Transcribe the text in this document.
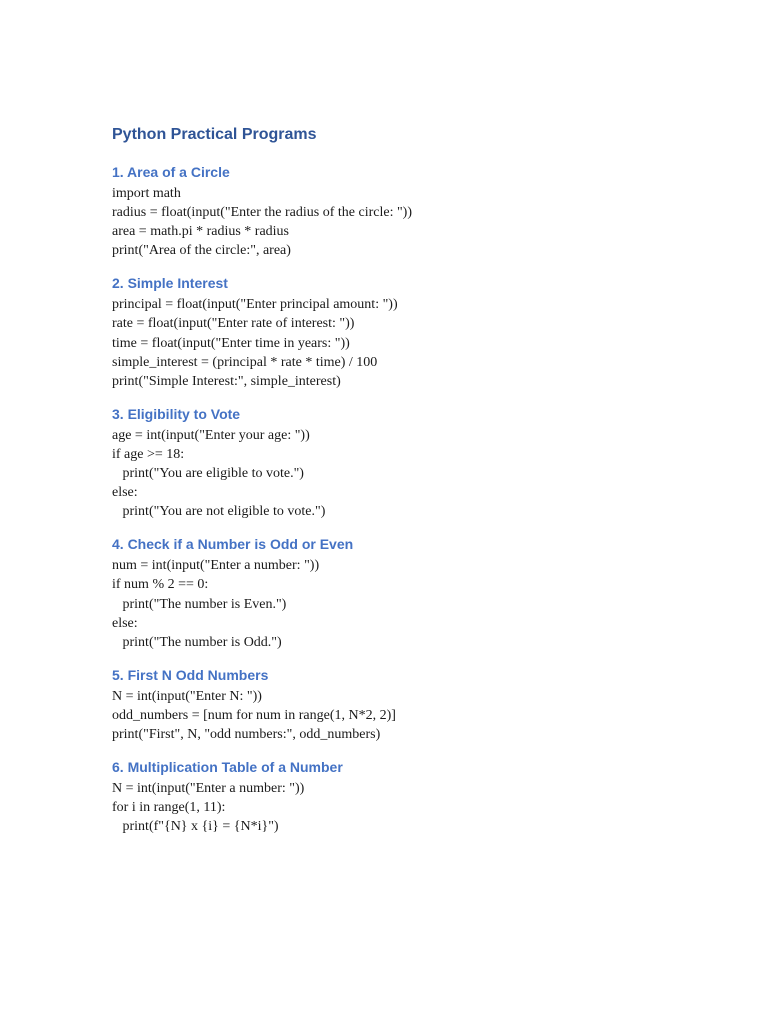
Python Practical Programs
1. Area of a Circle
import math
radius = float(input("Enter the radius of the circle: "))
area = math.pi * radius * radius
print("Area of the circle:", area)
2. Simple Interest
principal = float(input("Enter principal amount: "))
rate = float(input("Enter rate of interest: "))
time = float(input("Enter time in years: "))
simple_interest = (principal * rate * time) / 100
print("Simple Interest:", simple_interest)
3. Eligibility to Vote
age = int(input("Enter your age: "))
if age >= 18:
print("You are eligible to vote.")
else:
print("You are not eligible to vote.")
4. Check if a Number is Odd or Even
num = int(input("Enter a number: "))
if num % 2 == 0:
print("The number is Even.")
else:
print("The number is Odd.")
5. First N Odd Numbers
N = int(input("Enter N: "))
odd_numbers = [num for num in range(1, N*2, 2)]
print("First", N, "odd numbers:", odd_numbers)
6. Multiplication Table of a Number
N = int(input("Enter a number: "))
for i in range(1, 11):
print(f"{N} x {i} = {N*i}")
